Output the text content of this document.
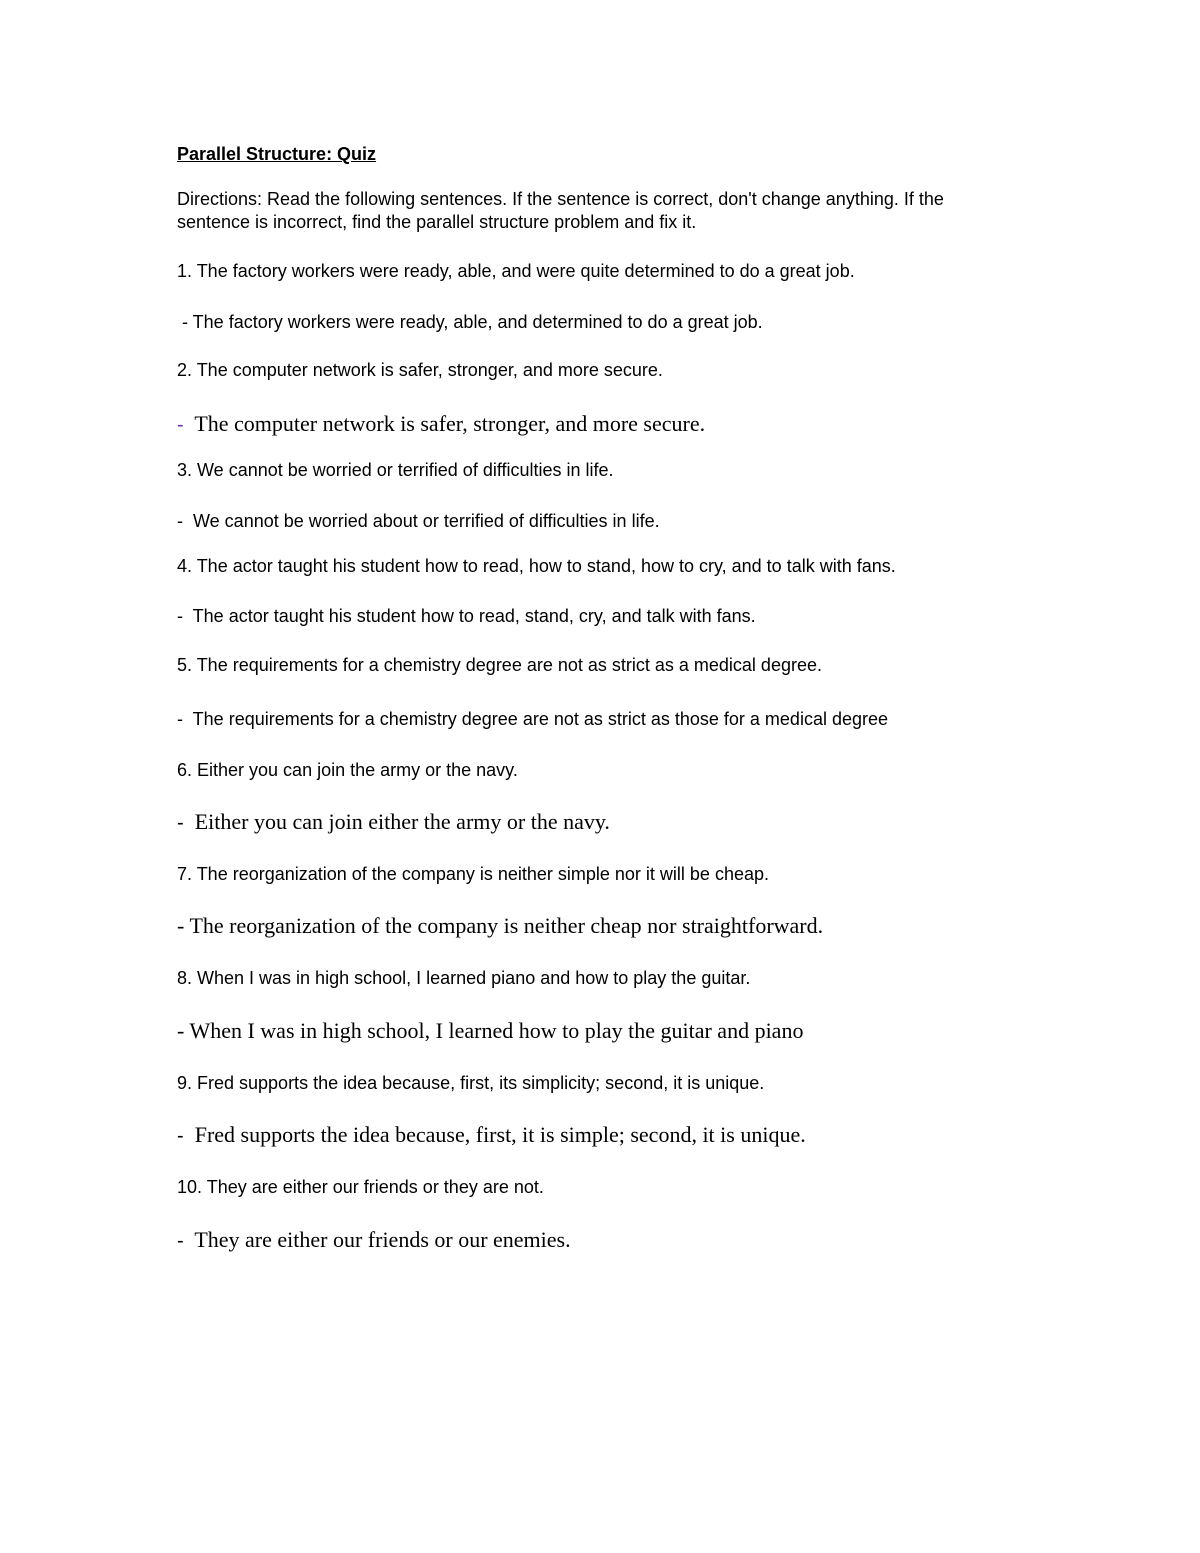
Parallel Structure: Quiz
Directions: Read the following sentences. If the sentence is correct, don't change anything. If the
sentence is incorrect, find the parallel structure problem and fix it.
1. The factory workers were ready, able, and were quite determined to do a great job.
- The factory workers were ready, able, and determined to do a great job.
2. The computer network is safer, stronger, and more secure.
-  The computer network is safer, stronger, and more secure.
3. We cannot be worried or terrified of difficulties in life.
-  We cannot be worried about or terrified of difficulties in life.
4. The actor taught his student how to read, how to stand, how to cry, and to talk with fans.
-  The actor taught his student how to read, stand, cry, and talk with fans.
5. The requirements for a chemistry degree are not as strict as a medical degree.
-  The requirements for a chemistry degree are not as strict as those for a medical degree
6. Either you can join the army or the navy.
-  Either you can join either the army or the navy.
7. The reorganization of the company is neither simple nor it will be cheap.
- The reorganization of the company is neither cheap nor straightforward.
8. When I was in high school, I learned piano and how to play the guitar.
- When I was in high school, I learned how to play the guitar and piano
9. Fred supports the idea because, first, its simplicity; second, it is unique.
-  Fred supports the idea because, first, it is simple; second, it is unique.
10. They are either our friends or they are not.
-  They are either our friends or our enemies.
